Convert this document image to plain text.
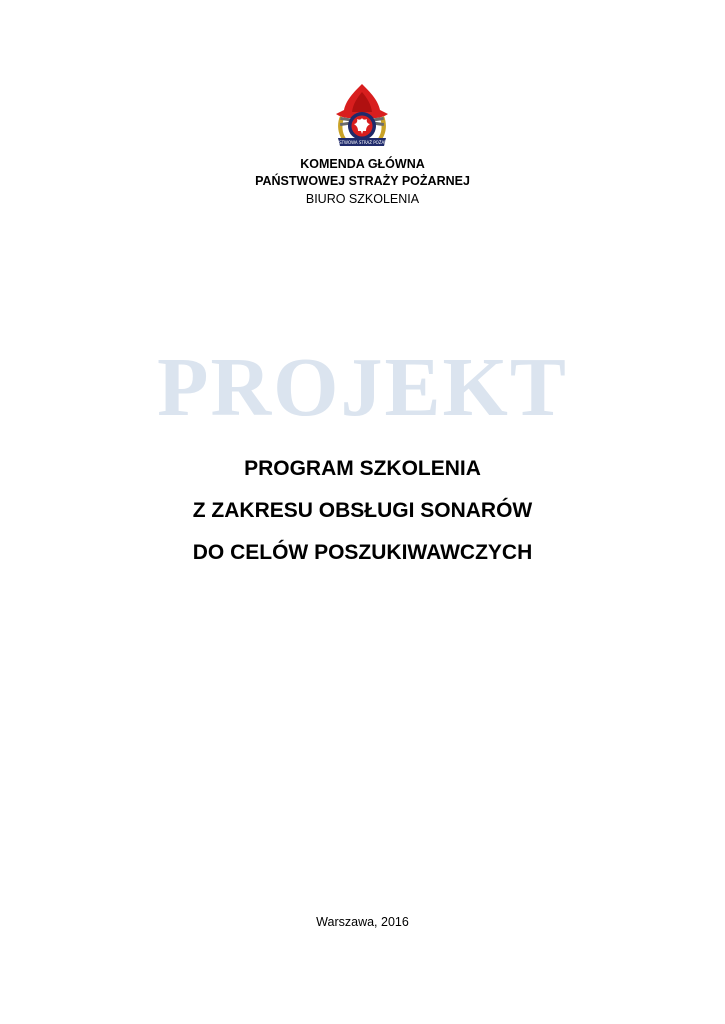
PAŃSTWOWA STRAŻ POŻARNA
KOMENDA GŁÓWNA
PAŃSTWOWEJ STRAŻY POŻARNEJ
BIURO SZKOLENIA
PROJEKT
PROGRAM SZKOLENIA
Z ZAKRESU OBSŁUGI SONARÓW
DO CELÓW POSZUKIWAWCZYCH
Warszawa, 2016
